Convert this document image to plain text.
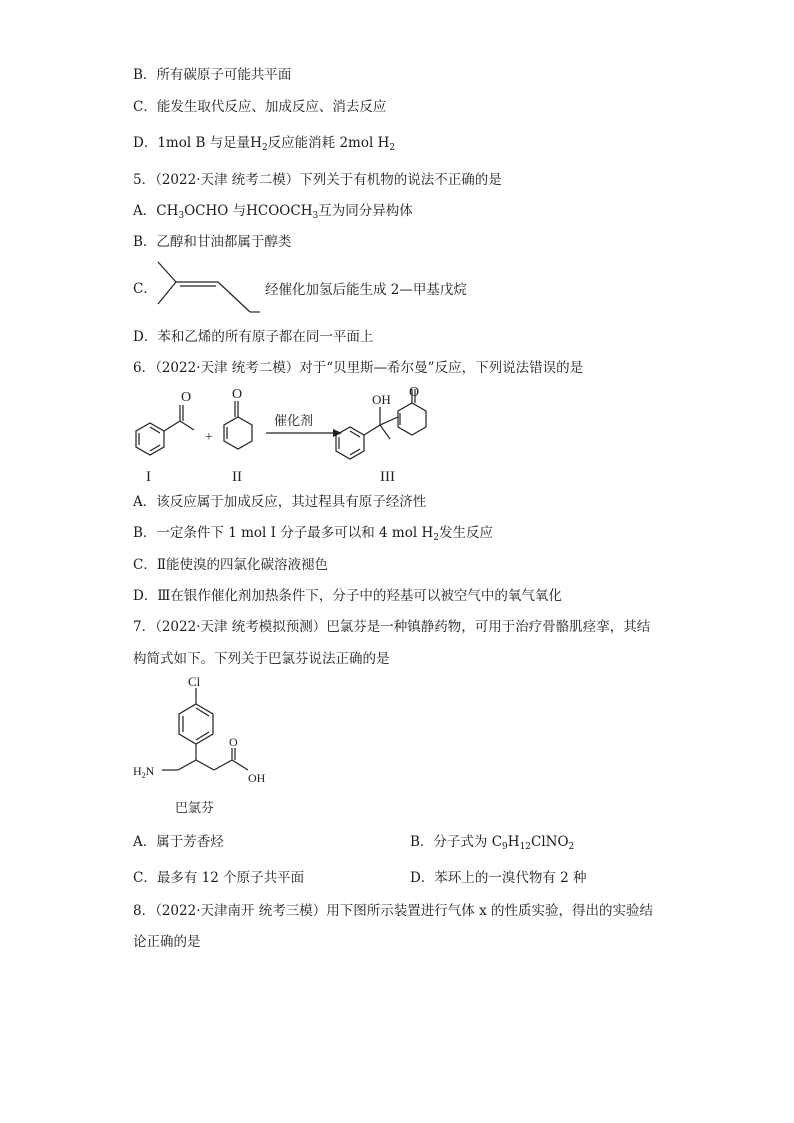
B．所有碳原子可能共平面
C．能发生取代反应、加成反应、消去反应
D．1mol B 与足量$H_2$反应能消耗 2mol $H_2$
5．（2022·天津 统考二模）下列关于有机物的说法不正确的是
A．$CH_3OCHO$ 与$HCOOCH_3$互为同分异构体
B．乙醇和甘油都属于醇类
C．	经催化加氢后能生成 2—甲基戊烷
D．苯和乙烯的所有原子都在同一平面上
6．（2022·天津 统考二模）对于“贝里斯—希尔曼”反应，下列说法错误的是
O
+
O
催化剂
OH O
I	II	III
A．该反应属于加成反应，其过程具有原子经济性
B．一定条件下 1 mol I 分子最多可以和 4 mol $H_2$发生反应
C．Ⅱ能使溴的四氯化碳溶液褪色
D．Ⅲ在银作催化剂加热条件下，分子中的羟基可以被空气中的氧气氧化
7．（2022·天津 统考模拟预测）巴氯芬是一种镇静药物，可用于治疗骨骼肌痉挛，其结
构简式如下。下列关于巴氯芬说法正确的是
Cl
$H_2N$
O
OH
巴氯芬
A．属于芳香烃	B．分子式为 $C_9H_{12}ClNO_2$
C．最多有 12 个原子共平面	D．苯环上的一溴代物有 2 种
8．（2022·天津南开 统考三模）用下图所示装置进行气体 x 的性质实验，得出的实验结
论正确的是
